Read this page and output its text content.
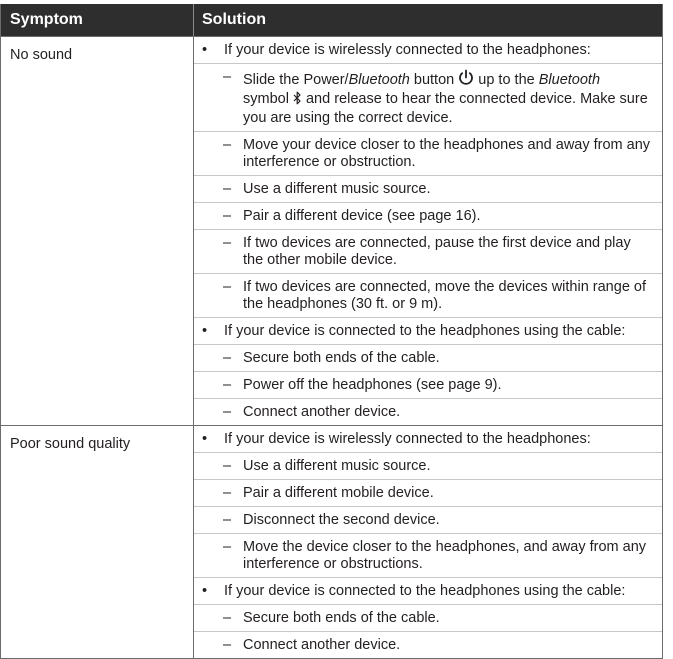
Symptom	Solution
No sound	• If your device is wirelessly connected to the headphones:
– Slide the Power/Bluetooth button  up to the Bluetooth
symbol  and release to hear the connected device. Make sure you are using the correct device.
– Move your device closer to the headphones and away from any interference or obstruction.
– Use a different music source.
– Pair a different device (see page 16).
– If two devices are connected, pause the first device and play the other mobile device.
– If two devices are connected, move the devices within range of the headphones (30 ft. or 9 m).
• If your device is connected to the headphones using the cable:
– Secure both ends of the cable.
– Power off the headphones (see page 9).
– Connect another device.
Poor sound quality	• If your device is wirelessly connected to the headphones:
– Use a different music source.
– Pair a different mobile device.
– Disconnect the second device.
– Move the device closer to the headphones, and away from any interference or obstructions.
• If your device is connected to the headphones using the cable:
– Secure both ends of the cable.
– Connect another device.
